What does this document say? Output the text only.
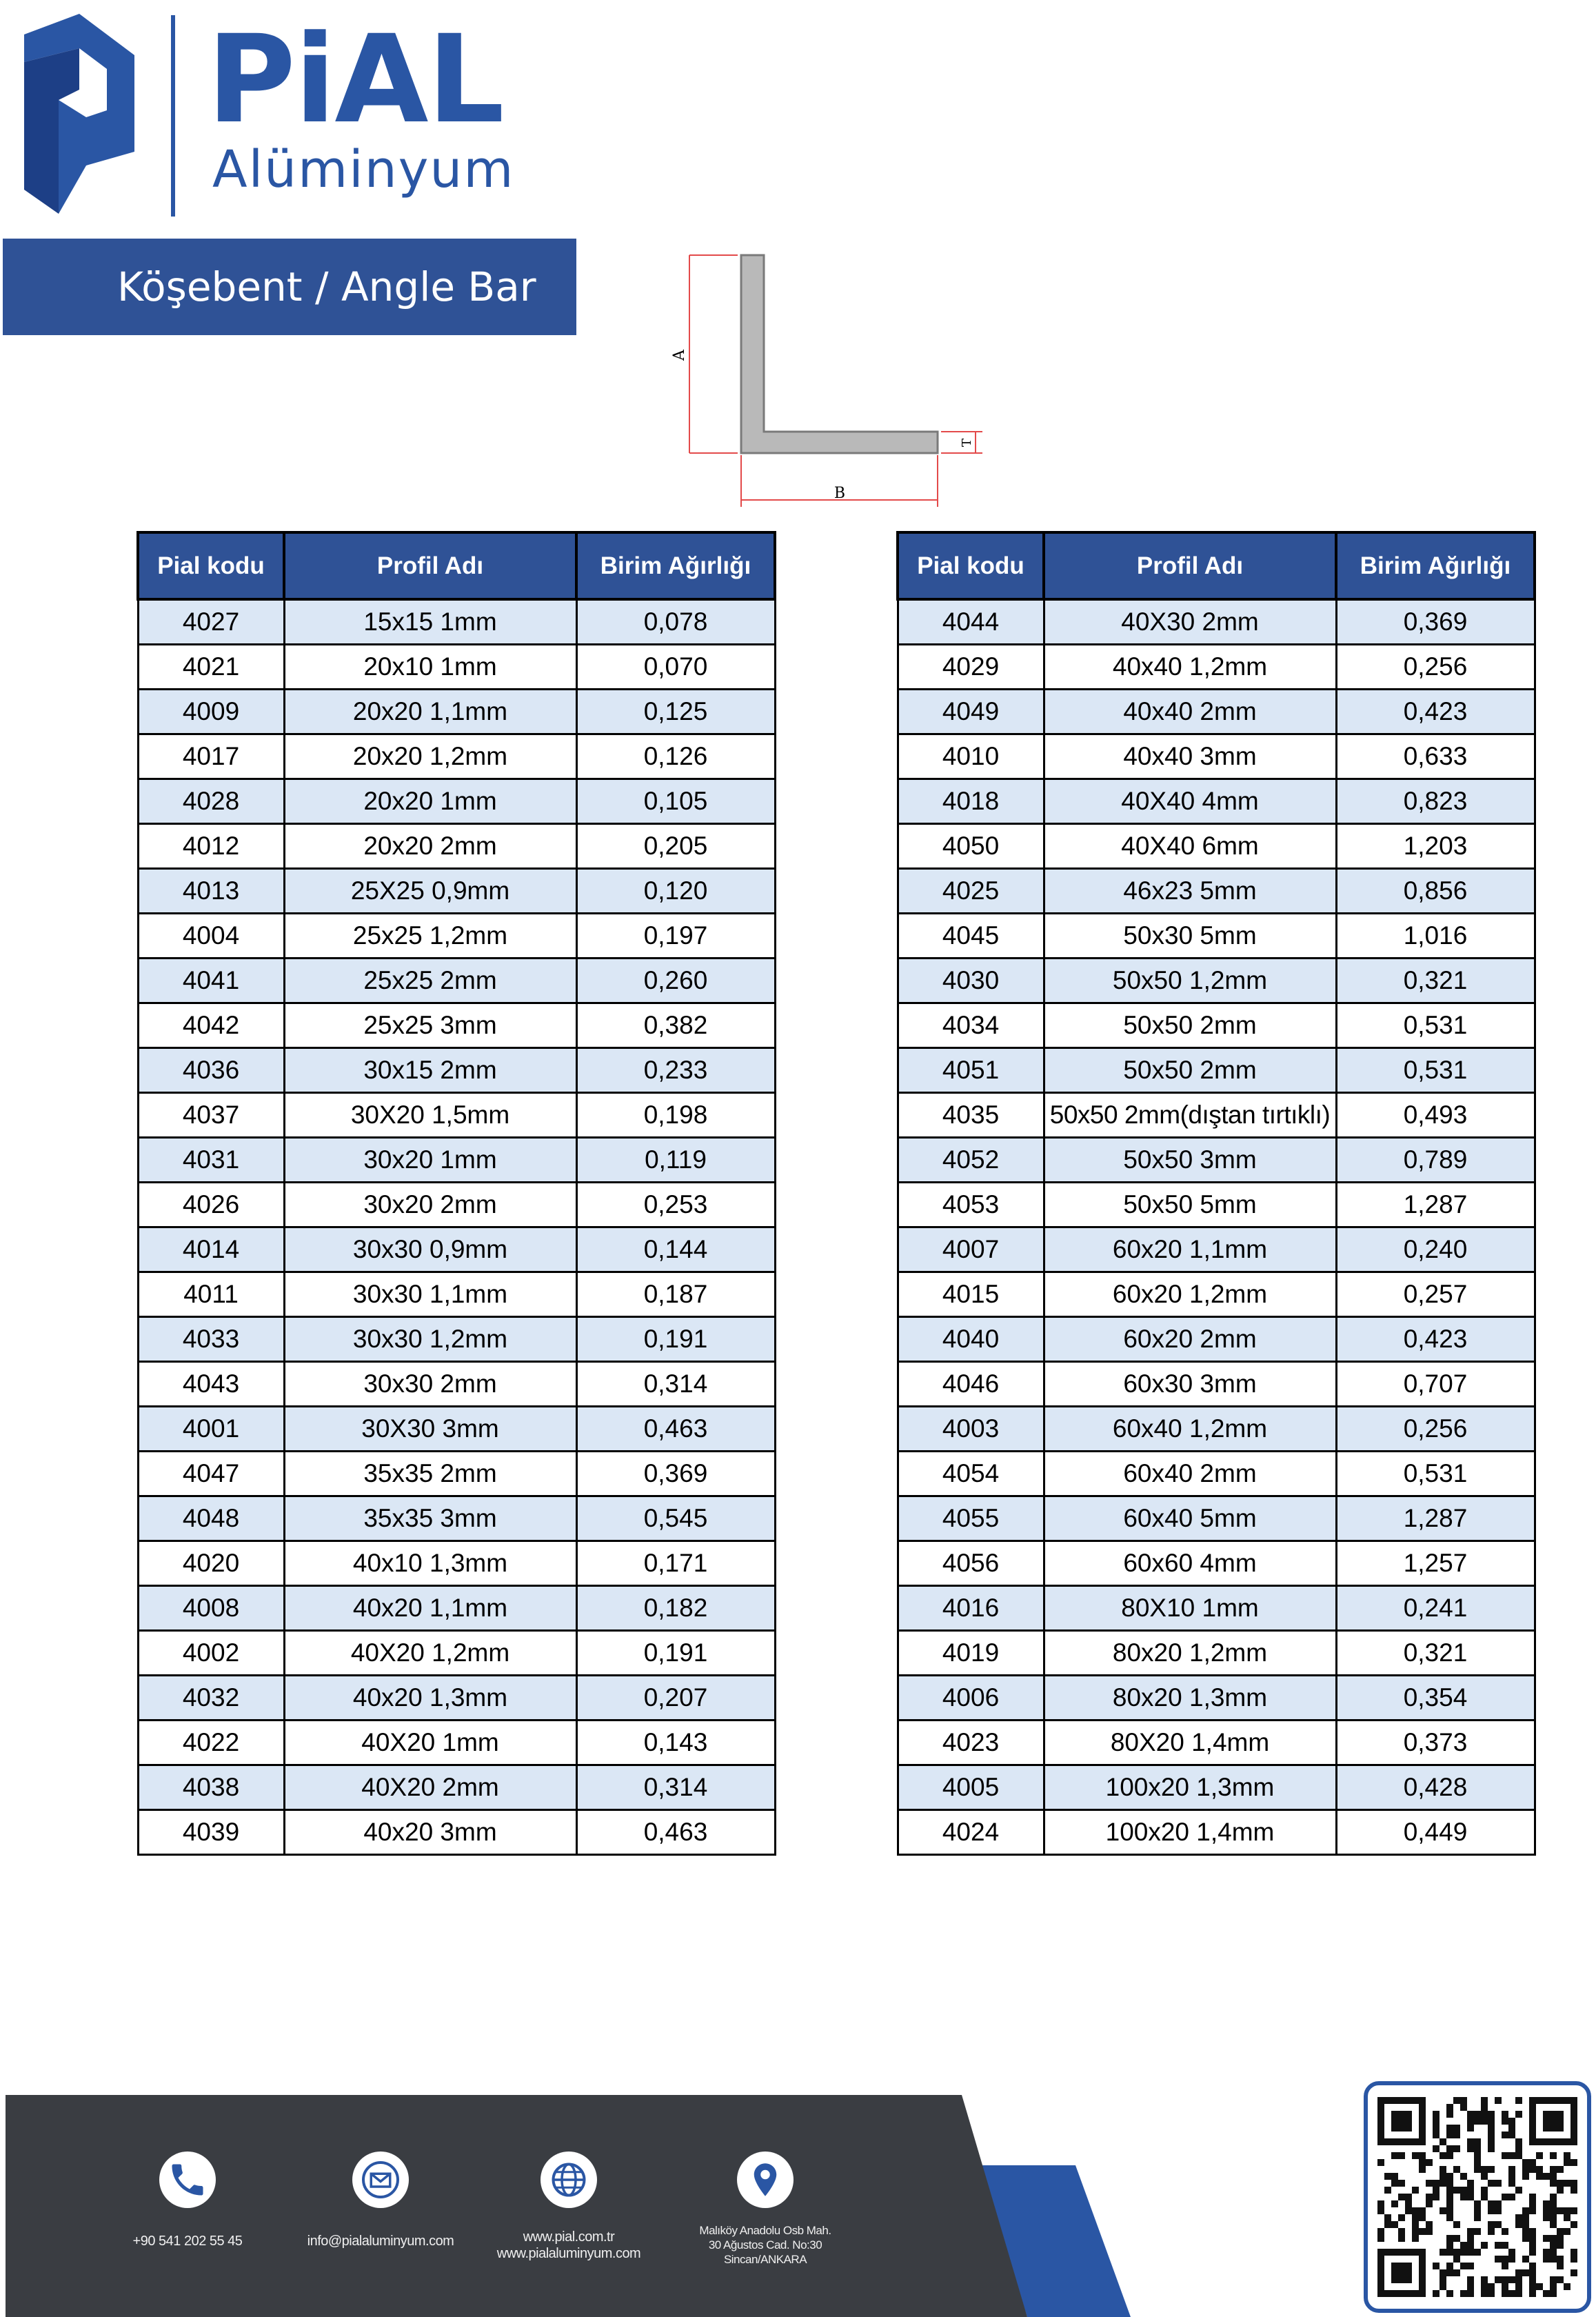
PiAL
Alüminyum
Köşebent / Angle Bar
A
B
T
Pial kodu	Profil Adı	Birim Ağırlığı
4027	15x15 1mm	0,078
4021	20x10 1mm	0,070
4009	20x20 1,1mm	0,125
4017	20x20 1,2mm	0,126
4028	20x20 1mm	0,105
4012	20x20 2mm	0,205
4013	25X25 0,9mm	0,120
4004	25x25 1,2mm	0,197
4041	25x25 2mm	0,260
4042	25x25 3mm	0,382
4036	30x15 2mm	0,233
4037	30X20 1,5mm	0,198
4031	30x20 1mm	0,119
4026	30x20 2mm	0,253
4014	30x30 0,9mm	0,144
4011	30x30 1,1mm	0,187
4033	30x30 1,2mm	0,191
4043	30x30 2mm	0,314
4001	30X30 3mm	0,463
4047	35x35 2mm	0,369
4048	35x35 3mm	0,545
4020	40x10 1,3mm	0,171
4008	40x20 1,1mm	0,182
4002	40X20 1,2mm	0,191
4032	40x20 1,3mm	0,207
4022	40X20 1mm	0,143
4038	40X20 2mm	0,314
4039	40x20 3mm	0,463
Pial kodu	Profil Adı	Birim Ağırlığı
4044	40X30 2mm	0,369
4029	40x40 1,2mm	0,256
4049	40x40 2mm	0,423
4010	40x40 3mm	0,633
4018	40X40 4mm	0,823
4050	40X40 6mm	1,203
4025	46x23 5mm	0,856
4045	50x30 5mm	1,016
4030	50x50 1,2mm	0,321
4034	50x50 2mm	0,531
4051	50x50 2mm	0,531
4035	50x50 2mm(dıştan tırtıklı)	0,493
4052	50x50 3mm	0,789
4053	50x50 5mm	1,287
4007	60x20 1,1mm	0,240
4015	60x20 1,2mm	0,257
4040	60x20 2mm	0,423
4046	60x30 3mm	0,707
4003	60x40 1,2mm	0,256
4054	60x40 2mm	0,531
4055	60x40 5mm	1,287
4056	60x60 4mm	1,257
4016	80X10 1mm	0,241
4019	80x20 1,2mm	0,321
4006	80x20 1,3mm	0,354
4023	80X20 1,4mm	0,373
4005	100x20 1,3mm	0,428
4024	100x20 1,4mm	0,449
+90 541 202 55 45	info@pialaluminyum.com	www.pial.com.tr
www.pialaluminyum.com
Malıköy Anadolu Osb Mah.
30 Ağustos Cad. No:30
Sincan/ANKARA
